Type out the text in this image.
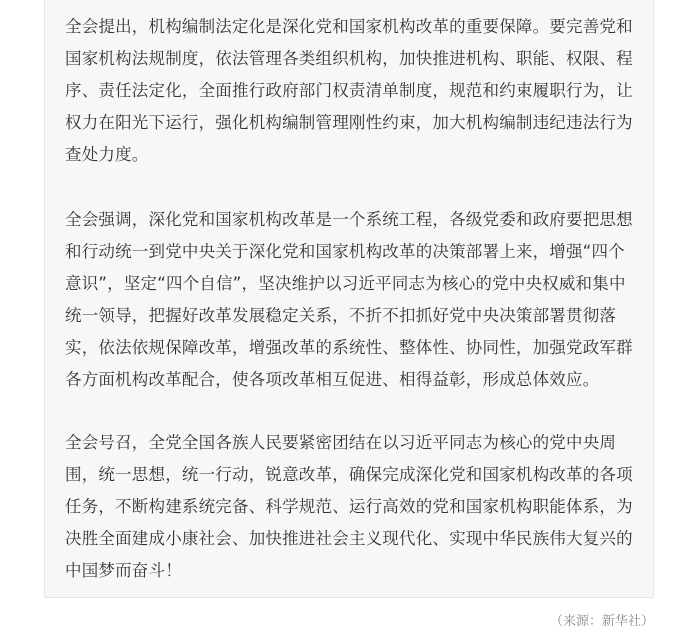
全会提出，机构编制法定化是深化党和国家机构改革的重要保障。要完善党和国家机构法规制度，依法管理各类组织机构，加快推进机构、职能、权限、程序、责任法定化，全面推行政府部门权责清单制度，规范和约束履职行为，让权力在阳光下运行，强化机构编制管理刚性约束，加大机构编制违纪违法行为查处力度。

全会强调，深化党和国家机构改革是一个系统工程，各级党委和政府要把思想和行动统一到党中央关于深化党和国家机构改革的决策部署上来，增强“四个意识”，坚定“四个自信”，坚决维护以习近平同志为核心的党中央权威和集中统一领导，把握好改革发展稳定关系，不折不扣抓好党中央决策部署贯彻落实，依法依规保障改革，增强改革的系统性、整体性、协同性，加强党政军群各方面机构改革配合，使各项改革相互促进、相得益彰，形成总体效应。

全会号召，全党全国各族人民要紧密团结在以习近平同志为核心的党中央周围，统一思想，统一行动，锐意改革，确保完成深化党和国家机构改革的各项任务，不断构建系统完备、科学规范、运行高效的党和国家机构职能体系，为决胜全面建成小康社会、加快推进社会主义现代化、实现中华民族伟大复兴的中国梦而奋斗！

（来源：新华社）
